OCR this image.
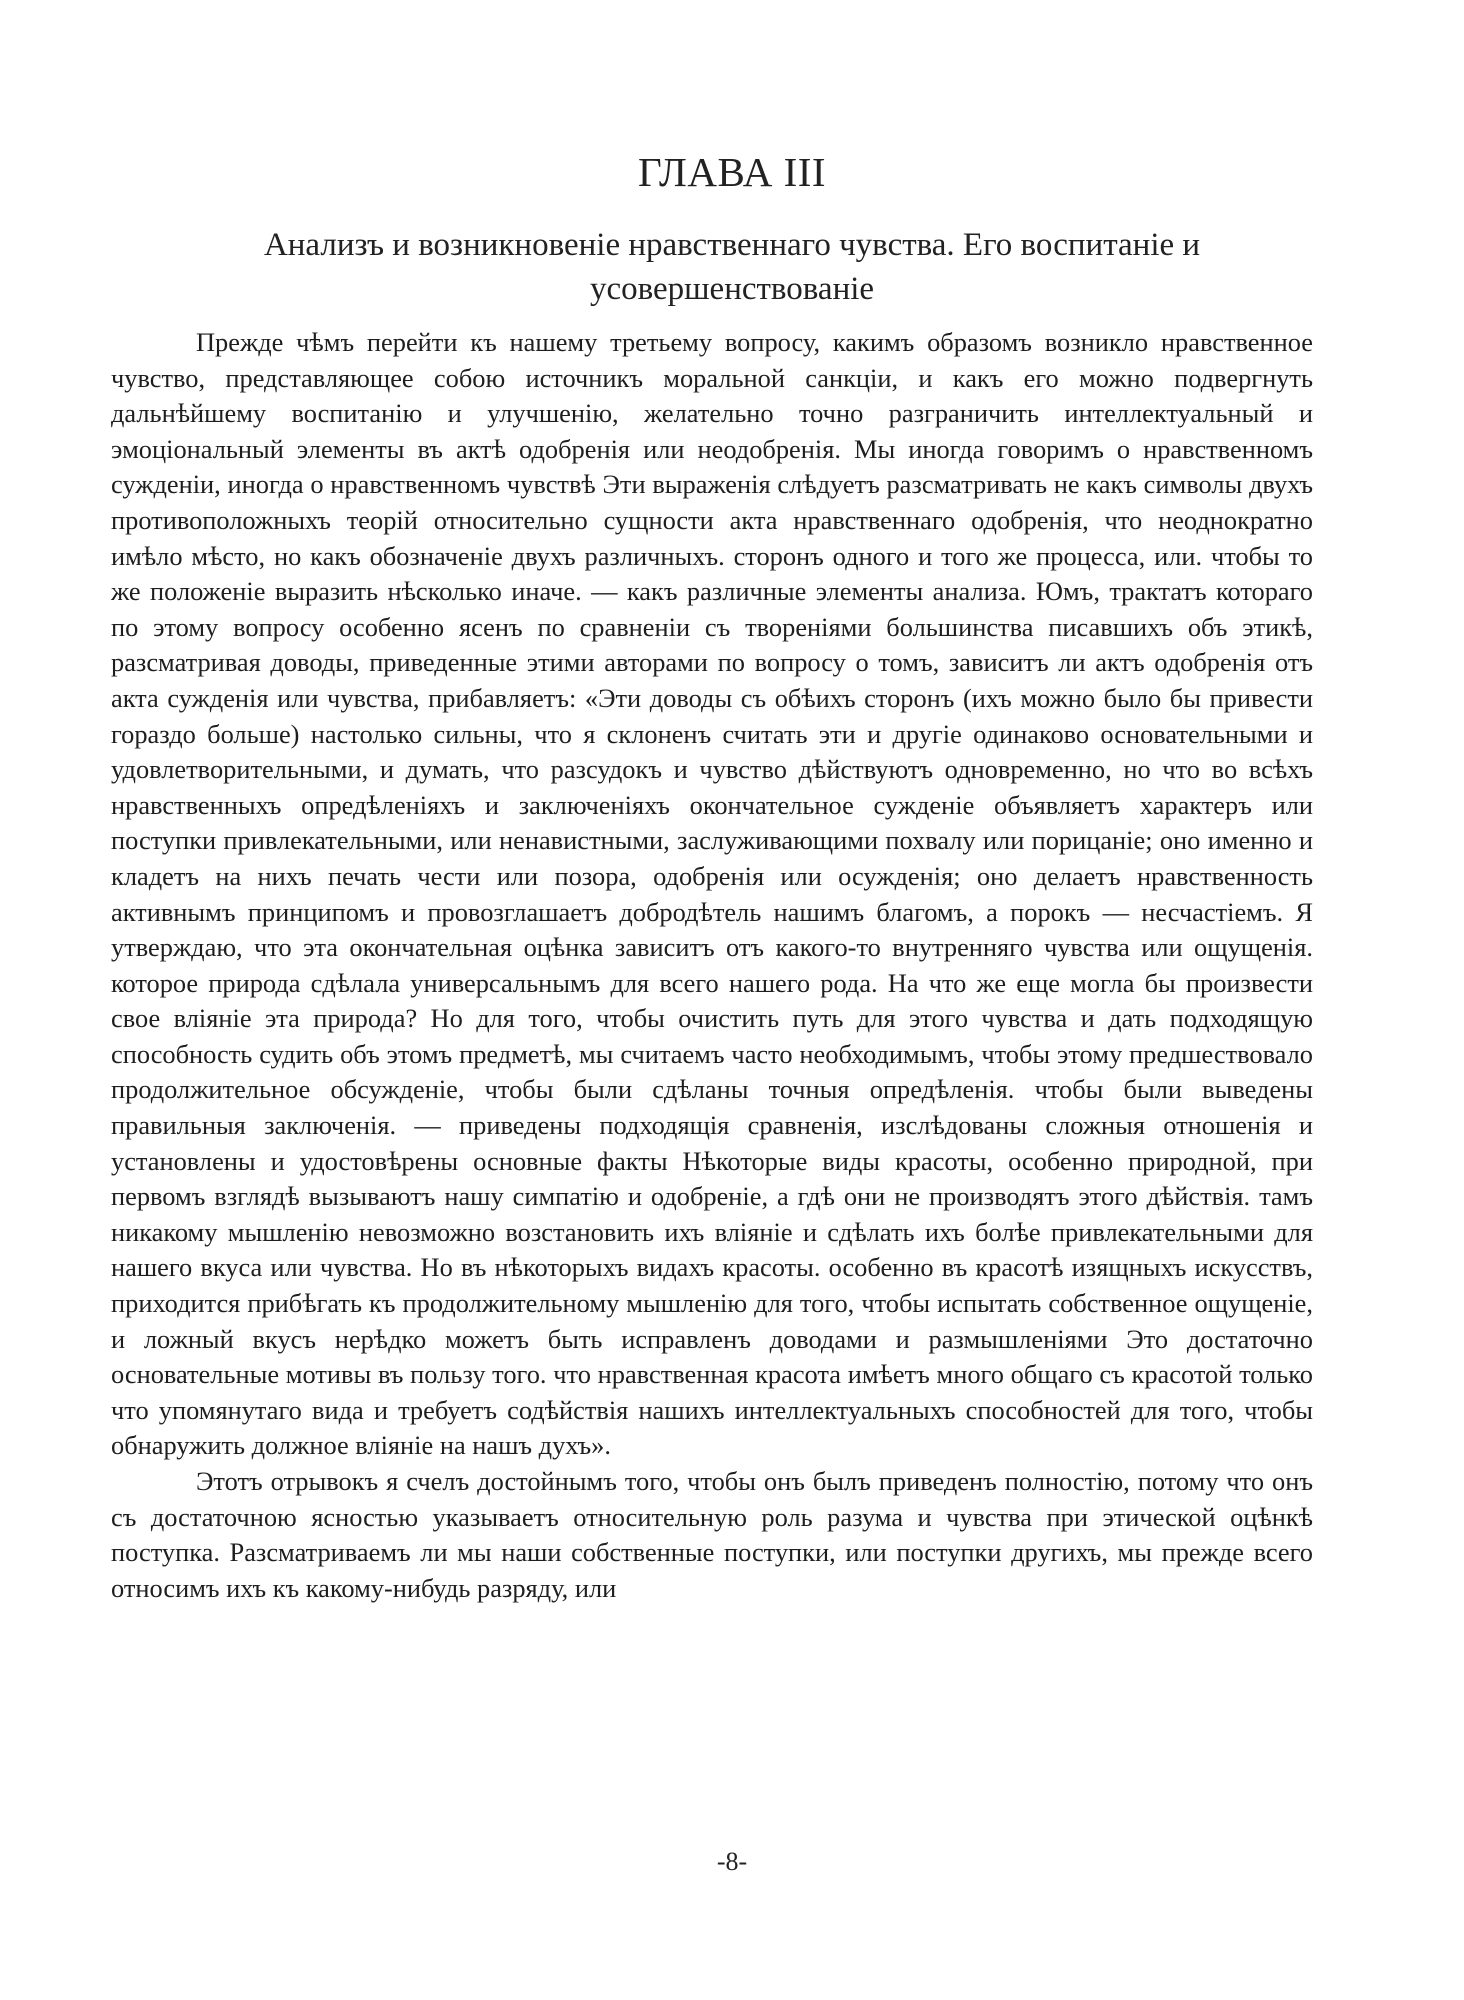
ГЛАВА III
Анализъ и возникновеніе нравственнаго чувства. Его воспитаніе и усовершенствованіе

Прежде чѣмъ перейти къ нашему третьему вопросу, какимъ образомъ возникло нравственное чувство, представляющее собою источникъ моральной санкціи, и какъ его можно подвергнуть дальнѣйшему воспитанію и улучшенію, желательно точно разграничить интеллектуальный и эмоціональный элементы въ актѣ одобренія или неодобренія. Мы иногда говоримъ о нравственномъ сужденіи, иногда о нравственномъ чувствѣ Эти выраженія слѣдуетъ разсматривать не какъ символы двухъ противоположныхъ теорій относительно сущности акта нравственнаго одобренія, что неоднократно имѣло мѣсто, но какъ обозначеніе двухъ различныхъ. сторонъ одного и того же процесса, или. чтобы то же положеніе выразить нѣсколько иначе. — какъ различные элементы анализа. Юмъ, трактатъ котораго по этому вопросу особенно ясенъ по сравненіи съ твореніями большинства писавшихъ объ этикѣ, разсматривая доводы, приведенные этими авторами по вопросу о томъ, зависитъ ли актъ одобренія отъ акта сужденія или чувства, прибавляетъ: «Эти доводы съ обѣихъ сторонъ (ихъ можно было бы привести гораздо больше) настолько сильны, что я склоненъ считать эти и другіе одинаково основательными и удовлетворительными, и думать, что разсудокъ и чувство дѣйствуютъ одновременно, но что во всѣхъ нравственныхъ опредѣленіяхъ и заключеніяхъ окончательное сужденіе объявляетъ характеръ или поступки привлекательными, или ненавистными, заслуживающими похвалу или порицаніе; оно именно и кладетъ на нихъ печать чести или позора, одобренія или осужденія; оно делаетъ нравственность активнымъ принципомъ и провозглашаетъ добродѣтель нашимъ благомъ, а порокъ — несчастіемъ. Я утверждаю, что эта окончательная оцѣнка зависитъ отъ какого-то внутренняго чувства или ощущенія. которое природа сдѣлала универсальнымъ для всего нашего рода. На что же еще могла бы произвести свое вліяніе эта природа? Но для того, чтобы очистить путь для этого чувства и дать подходящую способность судить объ этомъ предметѣ, мы считаемъ часто необходимымъ, чтобы этому предшествовало продолжительное обсужденіе, чтобы были сдѣланы точныя опредѣленія. чтобы были выведены правильныя заключенія. — приведены подходящія сравненія, изслѣдованы сложныя отношенія и установлены и удостовѣрены основные факты Нѣкоторые виды красоты, особенно природной, при первомъ взглядѣ вызываютъ нашу симпатію и одобреніе, а гдѣ они не производятъ этого дѣйствія. тамъ никакому мышленію невозможно возстановить ихъ вліяніе и сдѣлать ихъ болѣе привлекательными для нашего вкуса или чувства. Но въ нѣкоторыхъ видахъ красоты. особенно въ красотѣ изящныхъ искусствъ, приходится прибѣгать къ продолжительному мышленію для того, чтобы испытать собственное ощущеніе, и ложный вкусъ нерѣдко можетъ быть исправленъ доводами и размышленіями Это достаточно основательные мотивы въ пользу того. что нравственная красота имѣетъ много общаго съ красотой только что упомянутаго вида и требуетъ содѣйствія нашихъ интеллектуальныхъ способностей для того, чтобы обнаружить должное вліяніе на нашъ духъ».

Этотъ отрывокъ я счелъ достойнымъ того, чтобы онъ былъ приведенъ полностію, потому что онъ съ достаточною ясностью указываетъ относительную роль разума и чувства при этической оцѣнкѣ поступка. Разсматриваемъ ли мы наши собственные поступки, или поступки другихъ, мы прежде всего относимъ ихъ къ какому-нибудь разряду, или

-8-
